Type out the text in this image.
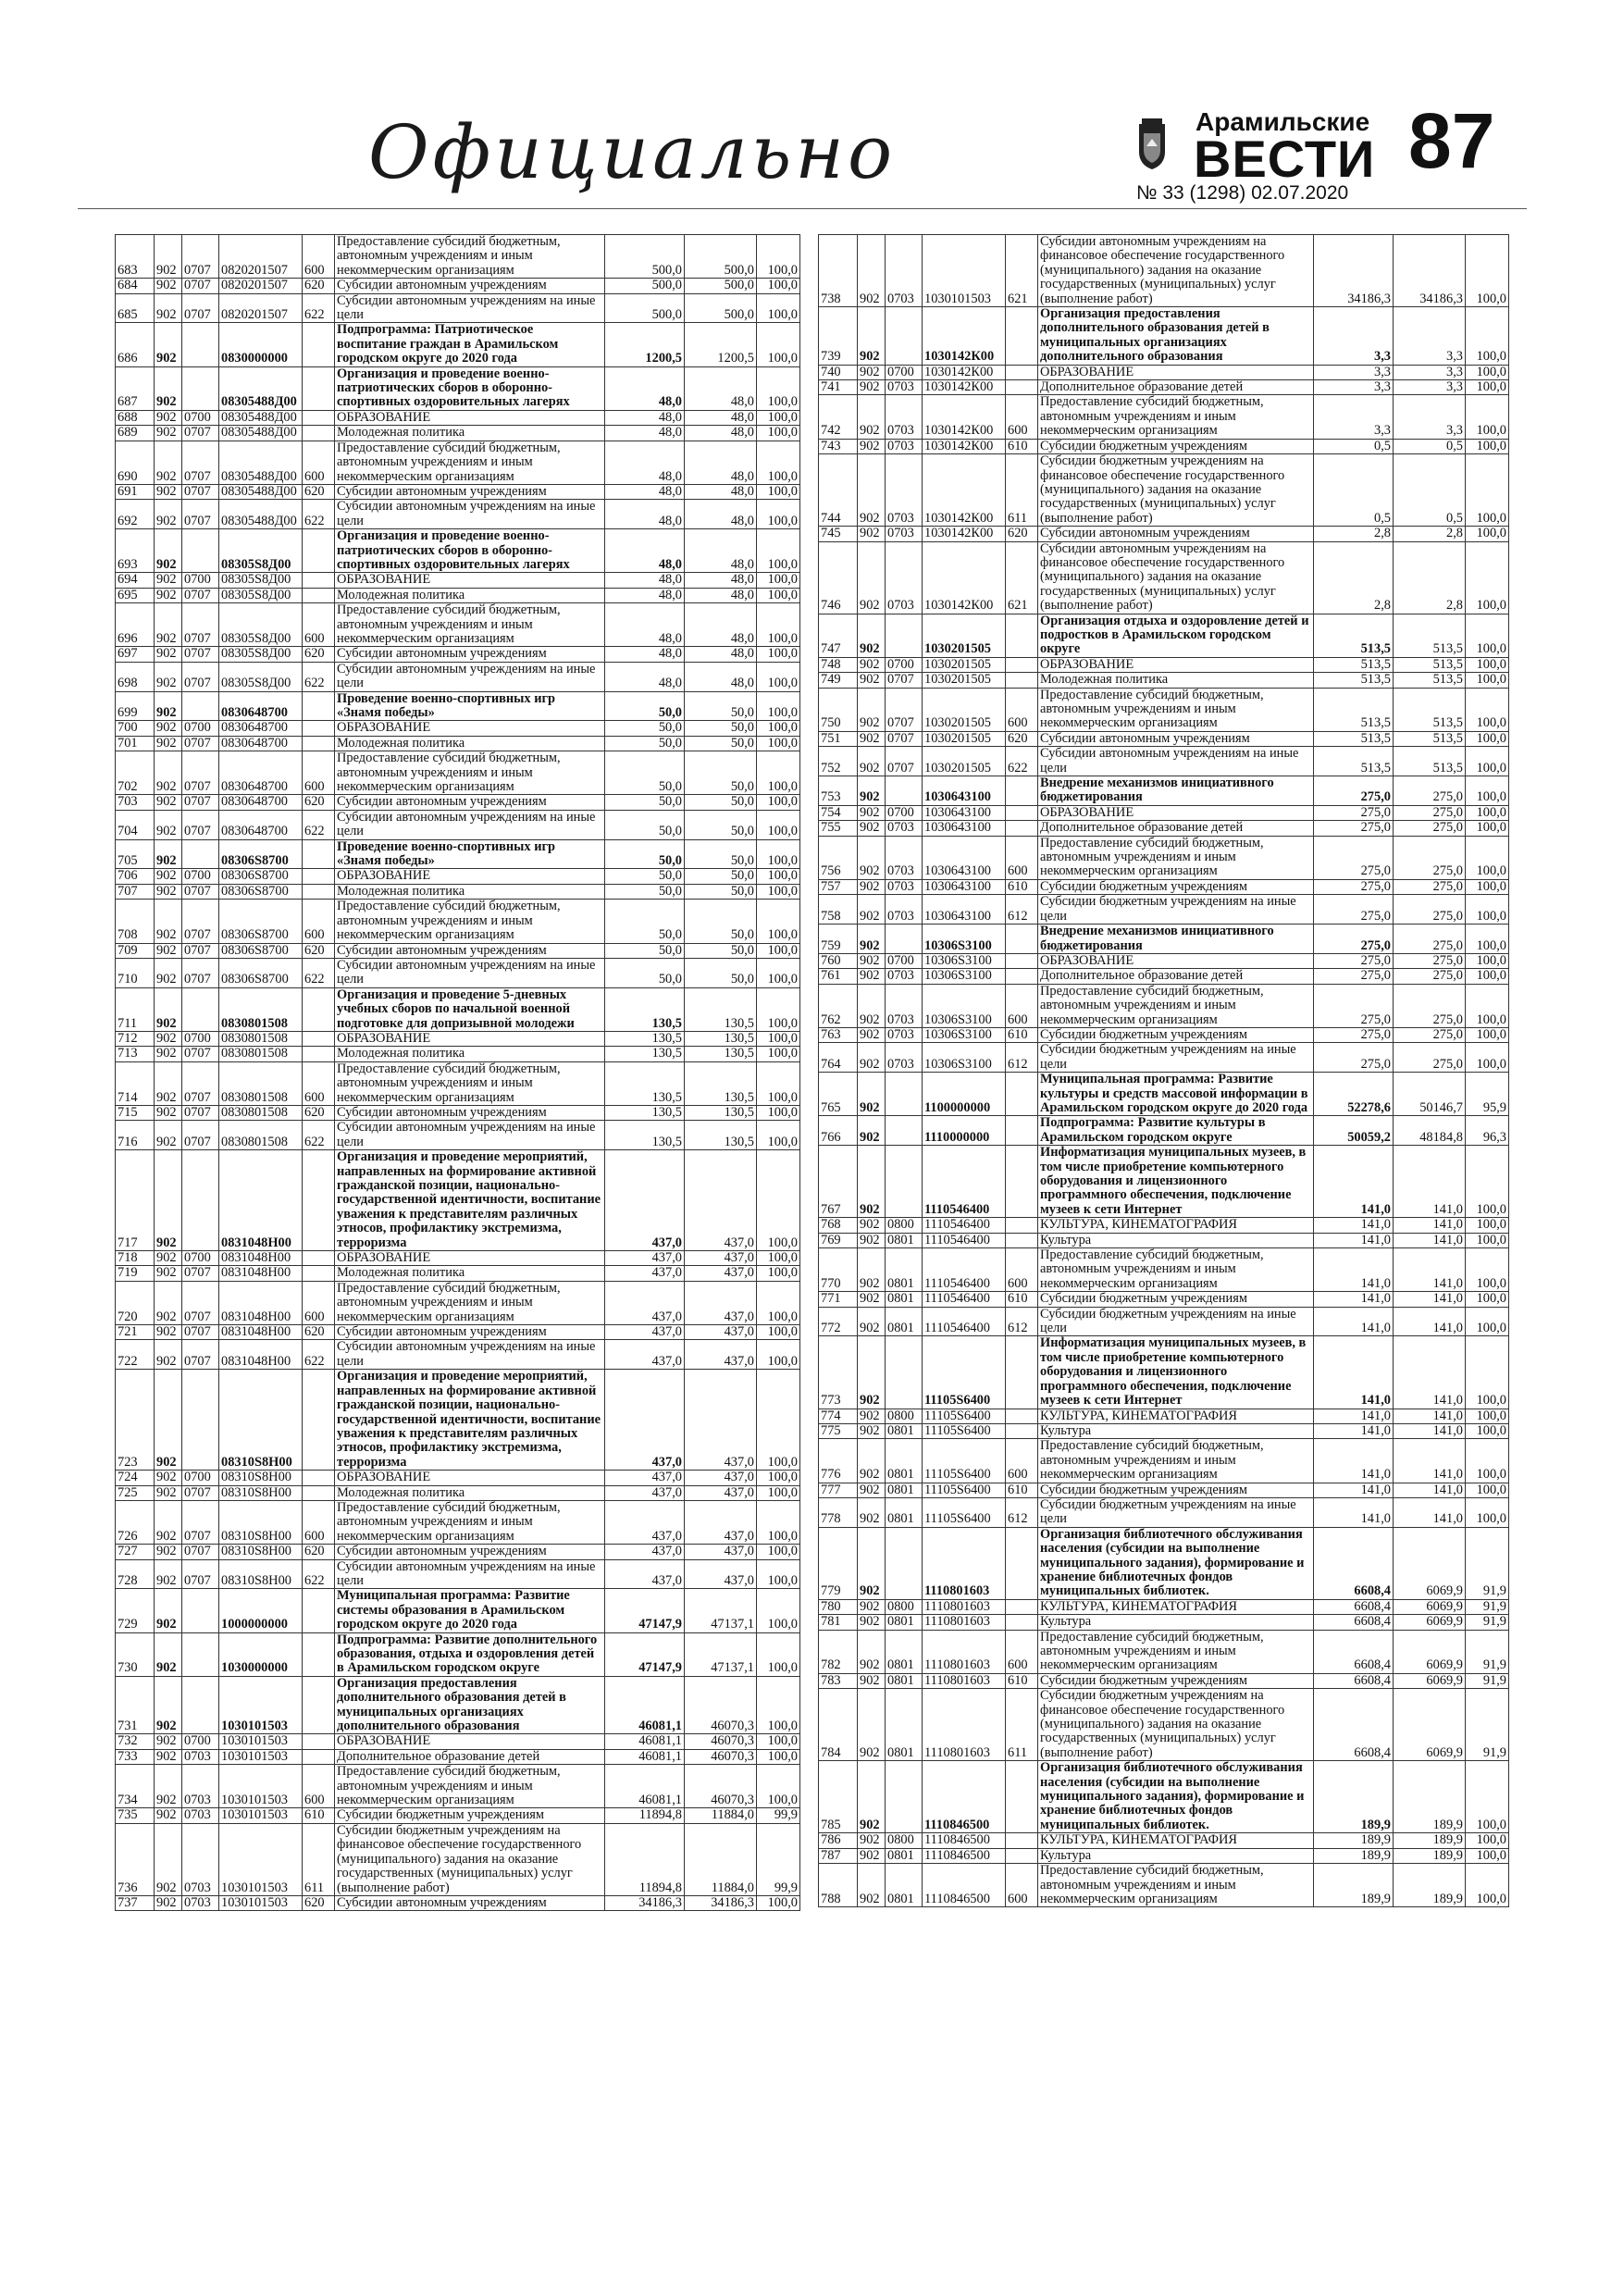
Официально	Арамильские
ВЕСТИ 87
№ 33 (1298) 02.07.2020
683	902	0707	0820201507	600	Предоставление субсидий бюджетным, автономным учреждениям и иным некоммерческим организациям	500,0	500,0	100,0
684	902	0707	0820201507	620	Субсидии автономным учреждениям	500,0	500,0	100,0
685	902	0707	0820201507	622	Субсидии автономным учреждениям на иные цели	500,0	500,0	100,0
686	902		0830000000		Подпрограмма: Патриотическое воспитание граждан в Арамильском городском округе до 2020 года	1200,5	1200,5	100,0
687	902		08305488Д00		Организация и проведение военно-патриотических сборов в оборонно-спортивных оздоровительных лагерях	48,0	48,0	100,0
688	902	0700	08305488Д00		ОБРАЗОВАНИЕ	48,0	48,0	100,0
689	902	0707	08305488Д00		Молодежная политика	48,0	48,0	100,0
690	902	0707	08305488Д00	600	Предоставление субсидий бюджетным, автономным учреждениям и иным некоммерческим организациям	48,0	48,0	100,0
691	902	0707	08305488Д00	620	Субсидии автономным учреждениям	48,0	48,0	100,0
692	902	0707	08305488Д00	622	Субсидии автономным учреждениям на иные цели	48,0	48,0	100,0
693	902		08305S8Д00		Организация и проведение военно-патриотических сборов в оборонно-спортивных оздоровительных лагерях	48,0	48,0	100,0
694	902	0700	08305S8Д00		ОБРАЗОВАНИЕ	48,0	48,0	100,0
695	902	0707	08305S8Д00		Молодежная политика	48,0	48,0	100,0
696	902	0707	08305S8Д00	600	Предоставление субсидий бюджетным, автономным учреждениям и иным некоммерческим организациям	48,0	48,0	100,0
697	902	0707	08305S8Д00	620	Субсидии автономным учреждениям	48,0	48,0	100,0
698	902	0707	08305S8Д00	622	Субсидии автономным учреждениям на иные цели	48,0	48,0	100,0
699	902		0830648700		Проведение военно-спортивных игр «Знамя победы»	50,0	50,0	100,0
700	902	0700	0830648700		ОБРАЗОВАНИЕ	50,0	50,0	100,0
701	902	0707	0830648700		Молодежная политика	50,0	50,0	100,0
702	902	0707	0830648700	600	Предоставление субсидий бюджетным, автономным учреждениям и иным некоммерческим организациям	50,0	50,0	100,0
703	902	0707	0830648700	620	Субсидии автономным учреждениям	50,0	50,0	100,0
704	902	0707	0830648700	622	Субсидии автономным учреждениям на иные цели	50,0	50,0	100,0
705	902		08306S8700		Проведение военно-спортивных игр «Знамя победы»	50,0	50,0	100,0
706	902	0700	08306S8700		ОБРАЗОВАНИЕ	50,0	50,0	100,0
707	902	0707	08306S8700		Молодежная политика	50,0	50,0	100,0
708	902	0707	08306S8700	600	Предоставление субсидий бюджетным, автономным учреждениям и иным некоммерческим организациям	50,0	50,0	100,0
709	902	0707	08306S8700	620	Субсидии автономным учреждениям	50,0	50,0	100,0
710	902	0707	08306S8700	622	Субсидии автономным учреждениям на иные цели	50,0	50,0	100,0
711	902		0830801508		Организация и проведение 5-дневных учебных сборов по начальной военной подготовке для допризывной молодежи	130,5	130,5	100,0
712	902	0700	0830801508		ОБРАЗОВАНИЕ	130,5	130,5	100,0
713	902	0707	0830801508		Молодежная политика	130,5	130,5	100,0
714	902	0707	0830801508	600	Предоставление субсидий бюджетным, автономным учреждениям и иным некоммерческим организациям	130,5	130,5	100,0
715	902	0707	0830801508	620	Субсидии автономным учреждениям	130,5	130,5	100,0
716	902	0707	0830801508	622	Субсидии автономным учреждениям на иные цели	130,5	130,5	100,0
717	902		0831048Н00		Организация и проведение мероприятий, направленных на формирование активной гражданской позиции, национально-государственной идентичности, воспитание уважения к представителям различных этносов, профилактику экстремизма, терроризма	437,0	437,0	100,0
718	902	0700	0831048Н00		ОБРАЗОВАНИЕ	437,0	437,0	100,0
719	902	0707	0831048Н00		Молодежная политика	437,0	437,0	100,0
720	902	0707	0831048Н00	600	Предоставление субсидий бюджетным, автономным учреждениям и иным некоммерческим организациям	437,0	437,0	100,0
721	902	0707	0831048Н00	620	Субсидии автономным учреждениям	437,0	437,0	100,0
722	902	0707	0831048Н00	622	Субсидии автономным учреждениям на иные цели	437,0	437,0	100,0
723	902		08310S8Н00		Организация и проведение мероприятий, направленных на формирование активной гражданской позиции, национально-государственной идентичности, воспитание уважения к представителям различных этносов, профилактику экстремизма, терроризма	437,0	437,0	100,0
724	902	0700	08310S8Н00		ОБРАЗОВАНИЕ	437,0	437,0	100,0
725	902	0707	08310S8Н00		Молодежная политика	437,0	437,0	100,0
726	902	0707	08310S8Н00	600	Предоставление субсидий бюджетным, автономным учреждениям и иным некоммерческим организациям	437,0	437,0	100,0
727	902	0707	08310S8Н00	620	Субсидии автономным учреждениям	437,0	437,0	100,0
728	902	0707	08310S8Н00	622	Субсидии автономным учреждениям на иные цели	437,0	437,0	100,0
729	902		1000000000		Муниципальная программа: Развитие системы образования в Арамильском городском округе до 2020 года	47147,9	47137,1	100,0
730	902		1030000000		Подпрограмма: Развитие дополнительного образования, отдыха и оздоровления детей в Арамильском городском округе	47147,9	47137,1	100,0
731	902		1030101503		Организация предоставления дополнительного образования детей в муниципальных организациях дополнительного образования	46081,1	46070,3	100,0
732	902	0700	1030101503		ОБРАЗОВАНИЕ	46081,1	46070,3	100,0
733	902	0703	1030101503		Дополнительное образование детей	46081,1	46070,3	100,0
734	902	0703	1030101503	600	Предоставление субсидий бюджетным, автономным учреждениям и иным некоммерческим организациям	46081,1	46070,3	100,0
735	902	0703	1030101503	610	Субсидии бюджетным учреждениям	11894,8	11884,0	99,9
736	902	0703	1030101503	611	Субсидии бюджетным учреждениям на финансовое обеспечение государственного (муниципального) задания на оказание государственных (муниципальных) услуг (выполнение работ)	11894,8	11884,0	99,9
737	902	0703	1030101503	620	Субсидии автономным учреждениям	34186,3	34186,3	100,0
738	902	0703	1030101503	621	Субсидии автономным учреждениям на финансовое обеспечение государственного (муниципального) задания на оказание государственных (муниципальных) услуг (выполнение работ)	34186,3	34186,3	100,0
739	902		1030142К00		Организация предоставления дополнительного образования детей в муниципальных организациях дополнительного образования	3,3	3,3	100,0
740	902	0700	1030142К00		ОБРАЗОВАНИЕ	3,3	3,3	100,0
741	902	0703	1030142К00		Дополнительное образование детей	3,3	3,3	100,0
742	902	0703	1030142К00	600	Предоставление субсидий бюджетным, автономным учреждениям и иным некоммерческим организациям	3,3	3,3	100,0
743	902	0703	1030142К00	610	Субсидии бюджетным учреждениям	0,5	0,5	100,0
744	902	0703	1030142К00	611	Субсидии бюджетным учреждениям на финансовое обеспечение государственного (муниципального) задания на оказание государственных (муниципальных) услуг (выполнение работ)	0,5	0,5	100,0
745	902	0703	1030142К00	620	Субсидии автономным учреждениям	2,8	2,8	100,0
746	902	0703	1030142К00	621	Субсидии автономным учреждениям на финансовое обеспечение государственного (муниципального) задания на оказание государственных (муниципальных) услуг (выполнение работ)	2,8	2,8	100,0
747	902		1030201505		Организация отдыха и оздоровление детей и подростков в Арамильском городском округе	513,5	513,5	100,0
748	902	0700	1030201505		ОБРАЗОВАНИЕ	513,5	513,5	100,0
749	902	0707	1030201505		Молодежная политика	513,5	513,5	100,0
750	902	0707	1030201505	600	Предоставление субсидий бюджетным, автономным учреждениям и иным некоммерческим организациям	513,5	513,5	100,0
751	902	0707	1030201505	620	Субсидии автономным учреждениям	513,5	513,5	100,0
752	902	0707	1030201505	622	Субсидии автономным учреждениям на иные цели	513,5	513,5	100,0
753	902		1030643100		Внедрение механизмов инициативного бюджетирования	275,0	275,0	100,0
754	902	0700	1030643100		ОБРАЗОВАНИЕ	275,0	275,0	100,0
755	902	0703	1030643100		Дополнительное образование детей	275,0	275,0	100,0
756	902	0703	1030643100	600	Предоставление субсидий бюджетным, автономным учреждениям и иным некоммерческим организациям	275,0	275,0	100,0
757	902	0703	1030643100	610	Субсидии бюджетным учреждениям	275,0	275,0	100,0
758	902	0703	1030643100	612	Субсидии бюджетным учреждениям на иные цели	275,0	275,0	100,0
759	902		10306S3100		Внедрение механизмов инициативного бюджетирования	275,0	275,0	100,0
760	902	0700	10306S3100		ОБРАЗОВАНИЕ	275,0	275,0	100,0
761	902	0703	10306S3100		Дополнительное образование детей	275,0	275,0	100,0
762	902	0703	10306S3100	600	Предоставление субсидий бюджетным, автономным учреждениям и иным некоммерческим организациям	275,0	275,0	100,0
763	902	0703	10306S3100	610	Субсидии бюджетным учреждениям	275,0	275,0	100,0
764	902	0703	10306S3100	612	Субсидии бюджетным учреждениям на иные цели	275,0	275,0	100,0
765	902		1100000000		Муниципальная программа: Развитие культуры и средств массовой информации в Арамильском городском округе до 2020 года	52278,6	50146,7	95,9
766	902		1110000000		Подпрограмма: Развитие культуры в Арамильском городском округе	50059,2	48184,8	96,3
767	902		1110546400		Информатизация муниципальных музеев, в том числе приобретение компьютерного оборудования и лицензионного программного обеспечения, подключение музеев к сети Интернет	141,0	141,0	100,0
768	902	0800	1110546400		КУЛЬТУРА, КИНЕМАТОГРАФИЯ	141,0	141,0	100,0
769	902	0801	1110546400		Культура	141,0	141,0	100,0
770	902	0801	1110546400	600	Предоставление субсидий бюджетным, автономным учреждениям и иным некоммерческим организациям	141,0	141,0	100,0
771	902	0801	1110546400	610	Субсидии бюджетным учреждениям	141,0	141,0	100,0
772	902	0801	1110546400	612	Субсидии бюджетным учреждениям на иные цели	141,0	141,0	100,0
773	902		11105S6400		Информатизация муниципальных музеев, в том числе приобретение компьютерного оборудования и лицензионного программного обеспечения, подключение музеев к сети Интернет	141,0	141,0	100,0
774	902	0800	11105S6400		КУЛЬТУРА, КИНЕМАТОГРАФИЯ	141,0	141,0	100,0
775	902	0801	11105S6400		Культура	141,0	141,0	100,0
776	902	0801	11105S6400	600	Предоставление субсидий бюджетным, автономным учреждениям и иным некоммерческим организациям	141,0	141,0	100,0
777	902	0801	11105S6400	610	Субсидии бюджетным учреждениям	141,0	141,0	100,0
778	902	0801	11105S6400	612	Субсидии бюджетным учреждениям на иные цели	141,0	141,0	100,0
779	902		1110801603		Организация библиотечного обслуживания населения (субсидии на выполнение муниципального задания), формирование и хранение библиотечных фондов муниципальных библиотек.	6608,4	6069,9	91,9
780	902	0800	1110801603		КУЛЬТУРА, КИНЕМАТОГРАФИЯ	6608,4	6069,9	91,9
781	902	0801	1110801603		Культура	6608,4	6069,9	91,9
782	902	0801	1110801603	600	Предоставление субсидий бюджетным, автономным учреждениям и иным некоммерческим организациям	6608,4	6069,9	91,9
783	902	0801	1110801603	610	Субсидии бюджетным учреждениям	6608,4	6069,9	91,9
784	902	0801	1110801603	611	Субсидии бюджетным учреждениям на финансовое обеспечение государственного (муниципального) задания на оказание государственных (муниципальных) услуг (выполнение работ)	6608,4	6069,9	91,9
785	902		1110846500		Организация библиотечного обслуживания населения (субсидии на выполнение муниципального задания), формирование и хранение библиотечных фондов муниципальных библиотек.	189,9	189,9	100,0
786	902	0800	1110846500		КУЛЬТУРА, КИНЕМАТОГРАФИЯ	189,9	189,9	100,0
787	902	0801	1110846500		Культура	189,9	189,9	100,0
788	902	0801	1110846500	600	Предоставление субсидий бюджетным, автономным учреждениям и иным некоммерческим организациям	189,9	189,9	100,0
